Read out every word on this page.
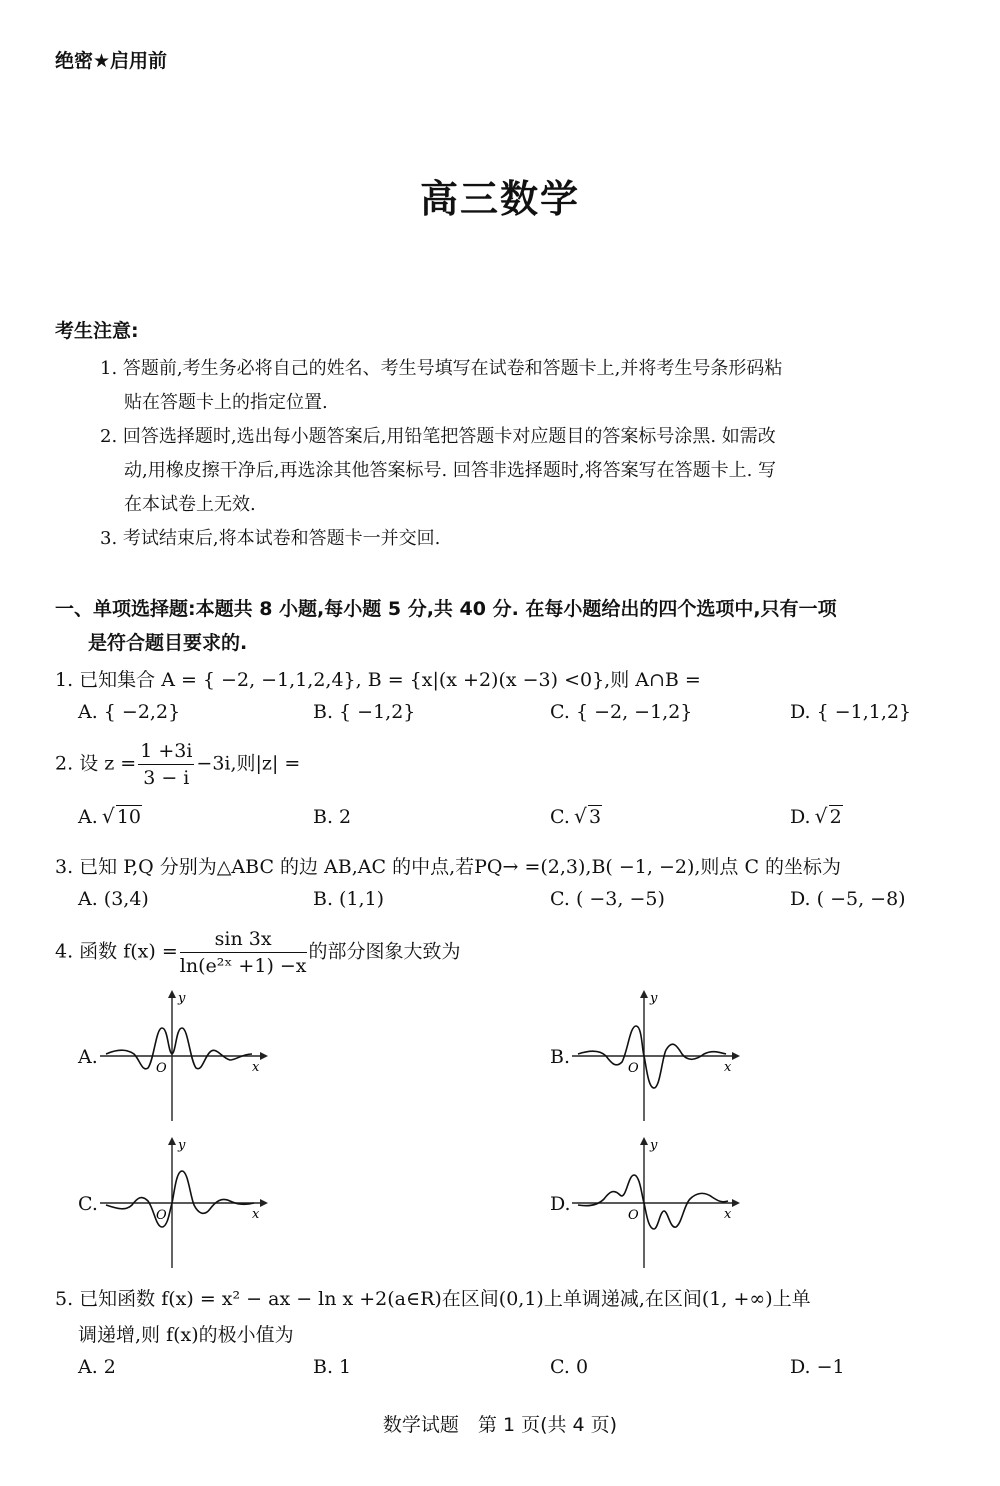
绝密★启用前
高三数学
考生注意:
1. 答题前,考生务必将自己的姓名、考生号填写在试卷和答题卡上,并将考生号条形码粘
贴在答题卡上的指定位置.
2. 回答选择题时,选出每小题答案后,用铅笔把答题卡对应题目的答案标号涂黑. 如需改
动,用橡皮擦干净后,再选涂其他答案标号. 回答非选择题时,将答案写在答题卡上. 写
在本试卷上无效.
3. 考试结束后,将本试卷和答题卡一并交回.
一、单项选择题:本题共 8 小题,每小题 5 分,共 40 分. 在每小题给出的四个选项中,只有一项
是符合题目要求的.
1. 已知集合 A = { −2, −1,1,2,4}, B = {x|(x +2)(x −3) <0},则 A∩B =
A. { −2,2}	B. { −1,2}	C. { −2, −1,2}	D. { −1,1,2}
2. 设 $z = \frac{1 +3i}{3 - i} -3i$,则|z| =
A. √ 10	B. 2	C. √ 3	D. √ 2
3. 已知 P,Q 分别为△ABC 的边 AB,AC 的中点,若PQ→ =(2,3),B( −1, −2),则点 C 的坐标为
A. (3,4)	B. (1,1)	C. ( −3, −5)	D. ( −5, −8)
4. 函数 $f(x) = \frac{\sin 3x}{\text{ln(e²ˣ +1) −x}}$ 的部分图象大致为
A.	B.
C.	D.
x
y
O	x
y
O
x
y
O	x
y
O
5. 已知函数 f(x) = x² − ax − ln x +2(a∈R)在区间(0,1)上单调递减,在区间(1, +∞)上单
调递增,则 f(x)的极小值为
A. 2	B. 1	C. 0	D. −1
数学试题　第 1 页(共 4 页)
